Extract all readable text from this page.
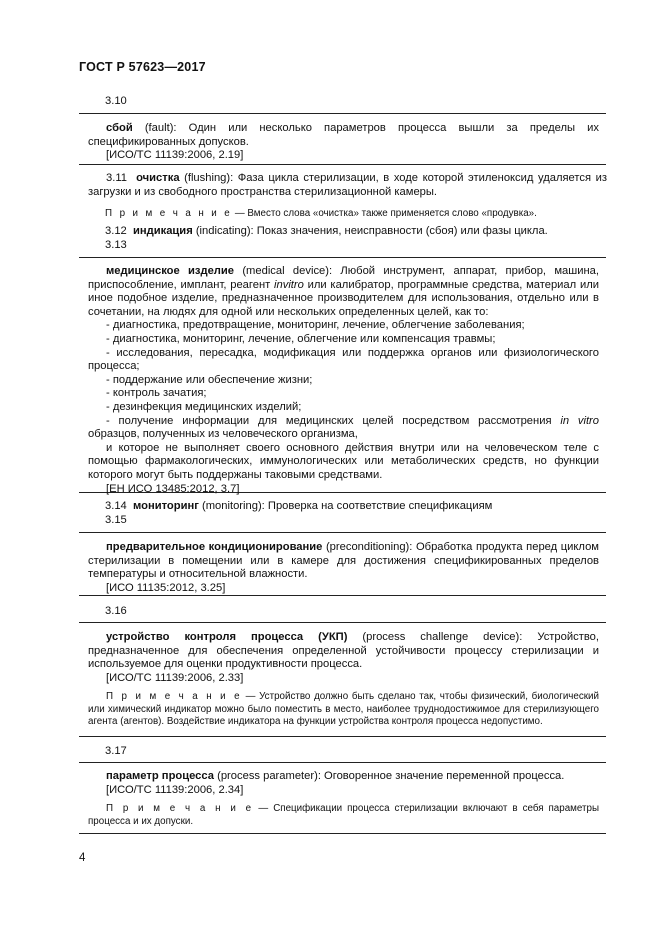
ГОСТ Р 57623—2017
3.10

сбой (fault): Один или несколько параметров процесса вышли за пределы их спецификированных допусков.

[ИСО/ТС 11139:2006, 2.19]

3.11 очистка (flushing): Фаза цикла стерилизации, в ходе которой этиленоксид удаляется из загрузки и из свободного пространства стерилизационной камеры.
П р и м е ч а н и е — Вместо слова «очистка» также применяется слово «продувка».
3.12 индикация (indicating): Показ значения, неисправности (сбоя) или фазы цикла.
3.13

медицинское изделие (medical device): Любой инструмент, аппарат, прибор, машина, приспособление, имплант, реагент invitro или калибратор, программные средства, материал или иное подобное изделие, предназначенное производителем для использования, отдельно или в сочетании, на людях для одной или нескольких определенных целей, как то:

- диагностика, предотвращение, мониторинг, лечение, облегчение заболевания;

- диагностика, мониторинг, лечение, облегчение или компенсация травмы;

- исследования, пересадка, модификация или поддержка органов или физиологического процесса;

- поддержание или обеспечение жизни;

- контроль зачатия;

- дезинфекция медицинских изделий;

- получение информации для медицинских целей посредством рассмотрения in vitro образцов, полученных из человеческого организма,

и которое не выполняет своего основного действия внутри или на человеческом теле с помощью фармакологических, иммунологических или метаболических средств, но функции которого могут быть поддержаны таковыми средствами.

[ЕН ИСО 13485:2012, 3.7]

3.14 мониторинг (monitoring): Проверка на соответствие спецификациям
3.15

предварительное кондиционирование (preconditioning): Обработка продукта перед циклом стерилизации в помещении или в камере для достижения спецификированных пределов температуры и относительной влажности.

[ИСО 11135:2012, 3.25]

3.16

устройство контроля процесса (УКП) (process challenge device): Устройство, предназначенное для обеспечения определенной устойчивости процессу стерилизации и используемое для оценки продуктивности процесса.

[ИСО/ТС 11139:2006, 2.33]

П р и м е ч а н и е — Устройство должно быть сделано так, чтобы физический, биологический или химический индикатор можно было поместить в место, наиболее труднодостижимое для стерилизующего агента (агентов). Воздействие индикатора на функции устройства контроля процесса недопустимо.

3.17

параметр процесса (process parameter): Оговоренное значение переменной процесса.

[ИСО/ТС 11139:2006, 2.34]

П р и м е ч а н и е — Спецификации процесса стерилизации включают в себя параметры процесса и их допуски.

4
